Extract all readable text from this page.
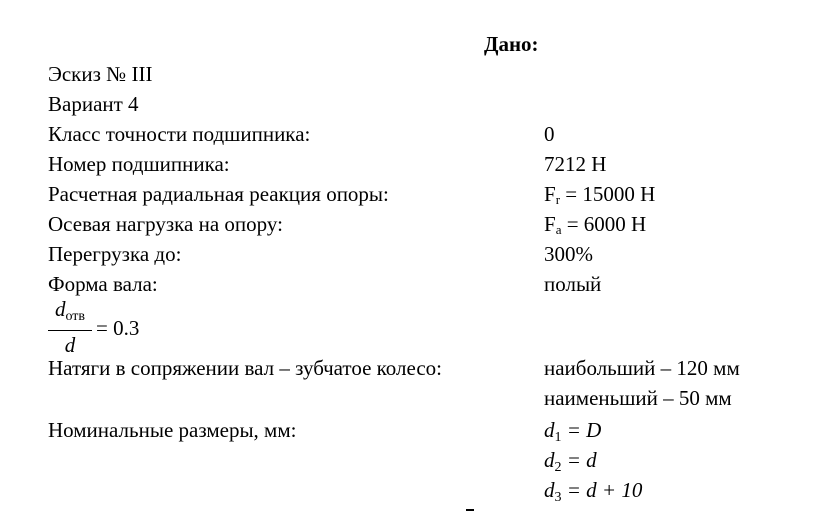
Дано:
Эскиз № III
Вариант 4
Класс точности подшипника:	0
Номер подшипника:	7212 Н
Расчетная радиальная реакция опоры:	Fr = 15000 Н
Осевая нагрузка на опору:	Fa = 6000 Н
Перегрузка до:	300%
Форма вала:	полый
$d_{отв}$
d
= 0.3
Натяги в сопряжении вал – зубчатое колесо:	наибольший – 120 мм
наименьший – 50 мм
Номинальные размеры, мм:	$d_1 = D$
$d_2 = d$
$d_3 = d + 10$
